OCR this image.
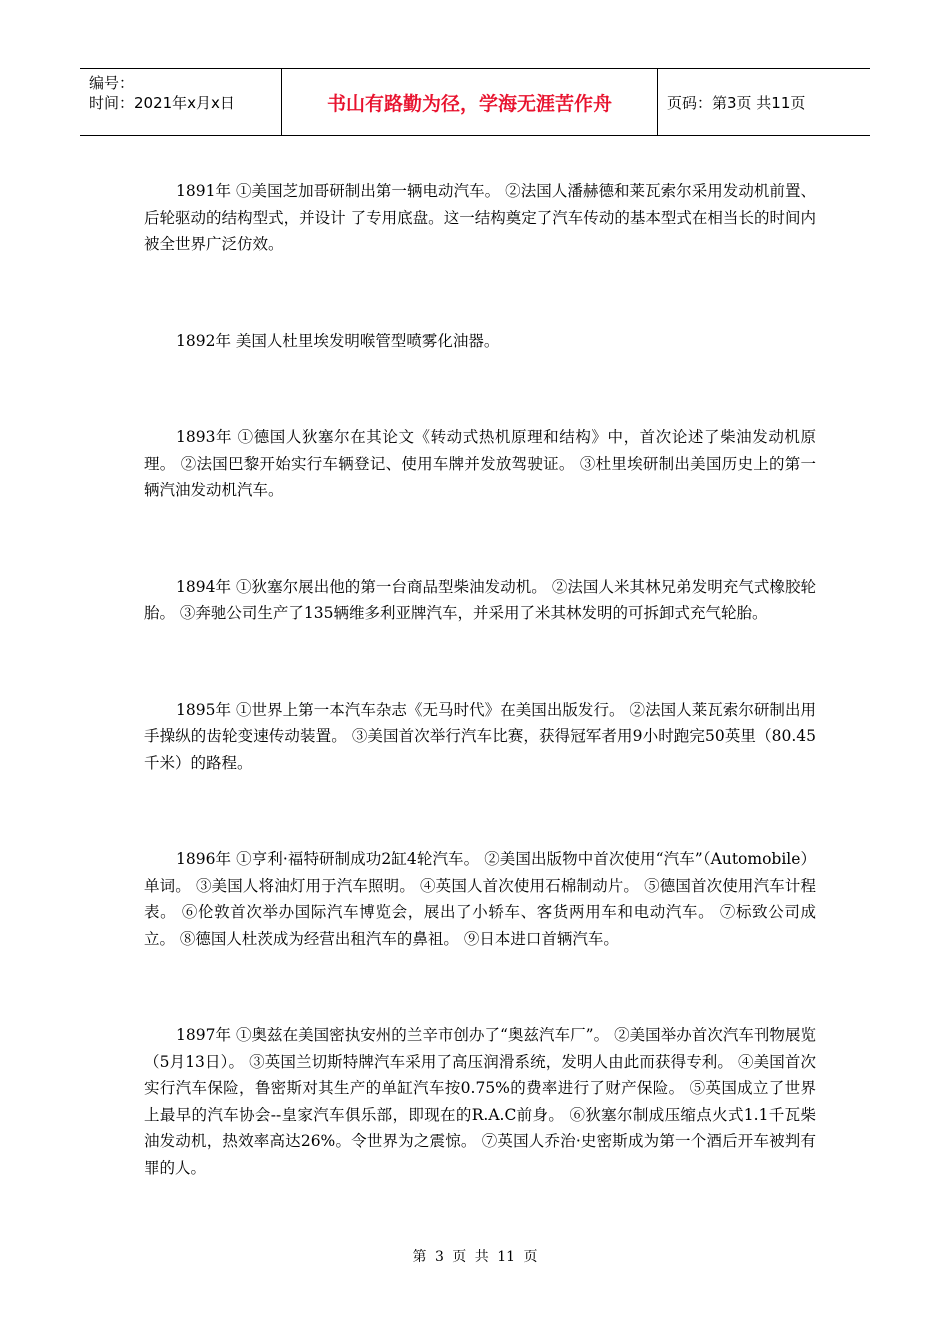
编号：
时间：2021年x月x日	书山有路勤为径，学海无涯苦作舟	页码：第3页 共11页

1891年 ①美国芝加哥研制出第一辆电动汽车。 ②法国人潘赫德和莱瓦索尔采用发动机前置、后轮驱动的结构型式，并设计 了专用底盘。这一结构奠定了汽车传动的基本型式在相当长的时间内被全世界广泛仿效。

1892年 美国人杜里埃发明喉管型喷雾化油器。

1893年 ①德国人狄塞尔在其论文《转动式热机原理和结构》中，首次论述了柴油发动机原理。 ②法国巴黎开始实行车辆登记、使用车牌并发放驾驶证。 ③杜里埃研制出美国历史上的第一辆汽油发动机汽车。

1894年 ①狄塞尔展出他的第一台商品型柴油发动机。 ②法国人米其林兄弟发明充气式橡胶轮胎。 ③奔驰公司生产了135辆维多利亚牌汽车，并采用了米其林发明的可拆卸式充气轮胎。

1895年 ①世界上第一本汽车杂志《无马时代》在美国出版发行。 ②法国人莱瓦索尔研制出用手操纵的齿轮变速传动装置。 ③美国首次举行汽车比赛，获得冠军者用9小时跑完50英里（80.45千米）的路程。

1896年 ①亨利·福特研制成功2缸4轮汽车。 ②美国出版物中首次使用“汽车”（Automobile）单词。 ③美国人将油灯用于汽车照明。 ④英国人首次使用石棉制动片。 ⑤德国首次使用汽车计程表。 ⑥伦敦首次举办国际汽车博览会，展出了小轿车、客货两用车和电动汽车。 ⑦标致公司成立。 ⑧德国人杜茨成为经营出租汽车的鼻祖。 ⑨日本进口首辆汽车。

1897年 ①奥兹在美国密执安州的兰辛市创办了“奥兹汽车厂”。 ②美国举办首次汽车刊物展览（5月13日）。 ③英国兰切斯特牌汽车采用了高压润滑系统，发明人由此而获得专利。 ④美国首次实行汽车保险，鲁密斯对其生产的单缸汽车按0.75%的费率进行了财产保险。 ⑤英国成立了世界上最早的汽车协会--皇家汽车俱乐部，即现在的R.A.C前身。 ⑥狄塞尔制成压缩点火式1.1千瓦柴油发动机，热效率高达26%。令世界为之震惊。 ⑦英国人乔治·史密斯成为第一个酒后开车被判有罪的人。

第 3 页 共 11 页
